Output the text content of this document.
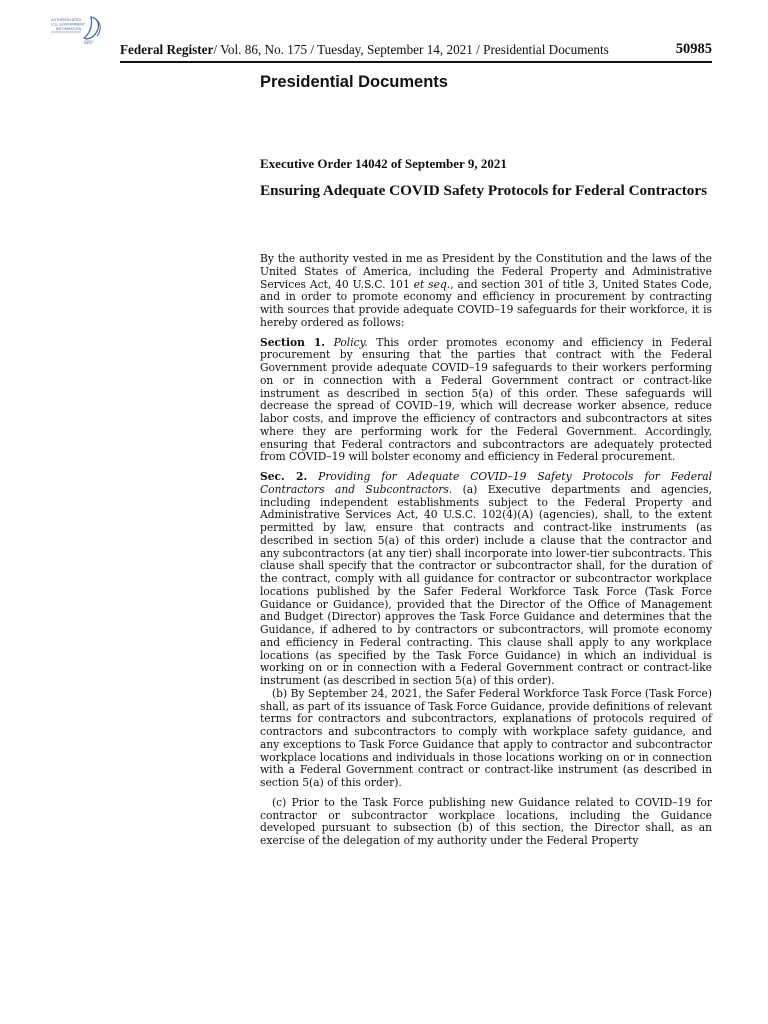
AUTHENTICATED
U.S. GOVERNMENT
INFORMATION
GPO Federal Register/ Vol. 86, No. 175 / Tuesday, September 14, 2021 / Presidential Documents	50985
Presidential Documents
Executive Order 14042 of September 9, 2021
Ensuring Adequate COVID Safety Protocols for Federal Contractors

By the authority vested in me as President by the Constitution and the laws of the United States of America, including the Federal Property and Administrative Services Act, 40 U.S.C. 101 et seq., and section 301 of title 3, United States Code, and in order to promote economy and efficiency in procurement by contracting with sources that provide adequate COVID–19 safeguards for their workforce, it is hereby ordered as follows:

Section 1. Policy. This order promotes economy and efficiency in Federal procurement by ensuring that the parties that contract with the Federal Government provide adequate COVID–19 safeguards to their workers performing on or in connection with a Federal Government contract or contract-like instrument as described in section 5(a) of this order. These safeguards will decrease the spread of COVID–19, which will decrease worker absence, reduce labor costs, and improve the efficiency of contractors and subcontractors at sites where they are performing work for the Federal Government. Accordingly, ensuring that Federal contractors and subcontractors are adequately protected from COVID–19 will bolster economy and efficiency in Federal procurement.

Sec. 2. Providing for Adequate COVID–19 Safety Protocols for Federal Contractors and Subcontractors. (a) Executive departments and agencies, including independent establishments subject to the Federal Property and Administrative Services Act, 40 U.S.C. 102(4)(A) (agencies), shall, to the extent permitted by law, ensure that contracts and contract-like instruments (as described in section 5(a) of this order) include a clause that the contractor and any subcontractors (at any tier) shall incorporate into lower-tier subcontracts. This clause shall specify that the contractor or subcontractor shall, for the duration of the contract, comply with all guidance for contractor or subcontractor workplace locations published by the Safer Federal Workforce Task Force (Task Force Guidance or Guidance), provided that the Director of the Office of Management and Budget (Director) approves the Task Force Guidance and determines that the Guidance, if adhered to by contractors or subcontractors, will promote economy and efficiency in Federal contracting. This clause shall apply to any workplace locations (as specified by the Task Force Guidance) in which an individual is working on or in connection with a Federal Government contract or contract-like instrument (as described in section 5(a) of this order).

(b) By September 24, 2021, the Safer Federal Workforce Task Force (Task Force) shall, as part of its issuance of Task Force Guidance, provide definitions of relevant terms for contractors and subcontractors, explanations of protocols required of contractors and subcontractors to comply with workplace safety guidance, and any exceptions to Task Force Guidance that apply to contractor and subcontractor workplace locations and individuals in those locations working on or in connection with a Federal Government contract or contract-like instrument (as described in section 5(a) of this order).

(c) Prior to the Task Force publishing new Guidance related to COVID–19 for contractor or subcontractor workplace locations, including the Guidance developed pursuant to subsection (b) of this section, the Director shall, as an exercise of the delegation of my authority under the Federal Property
